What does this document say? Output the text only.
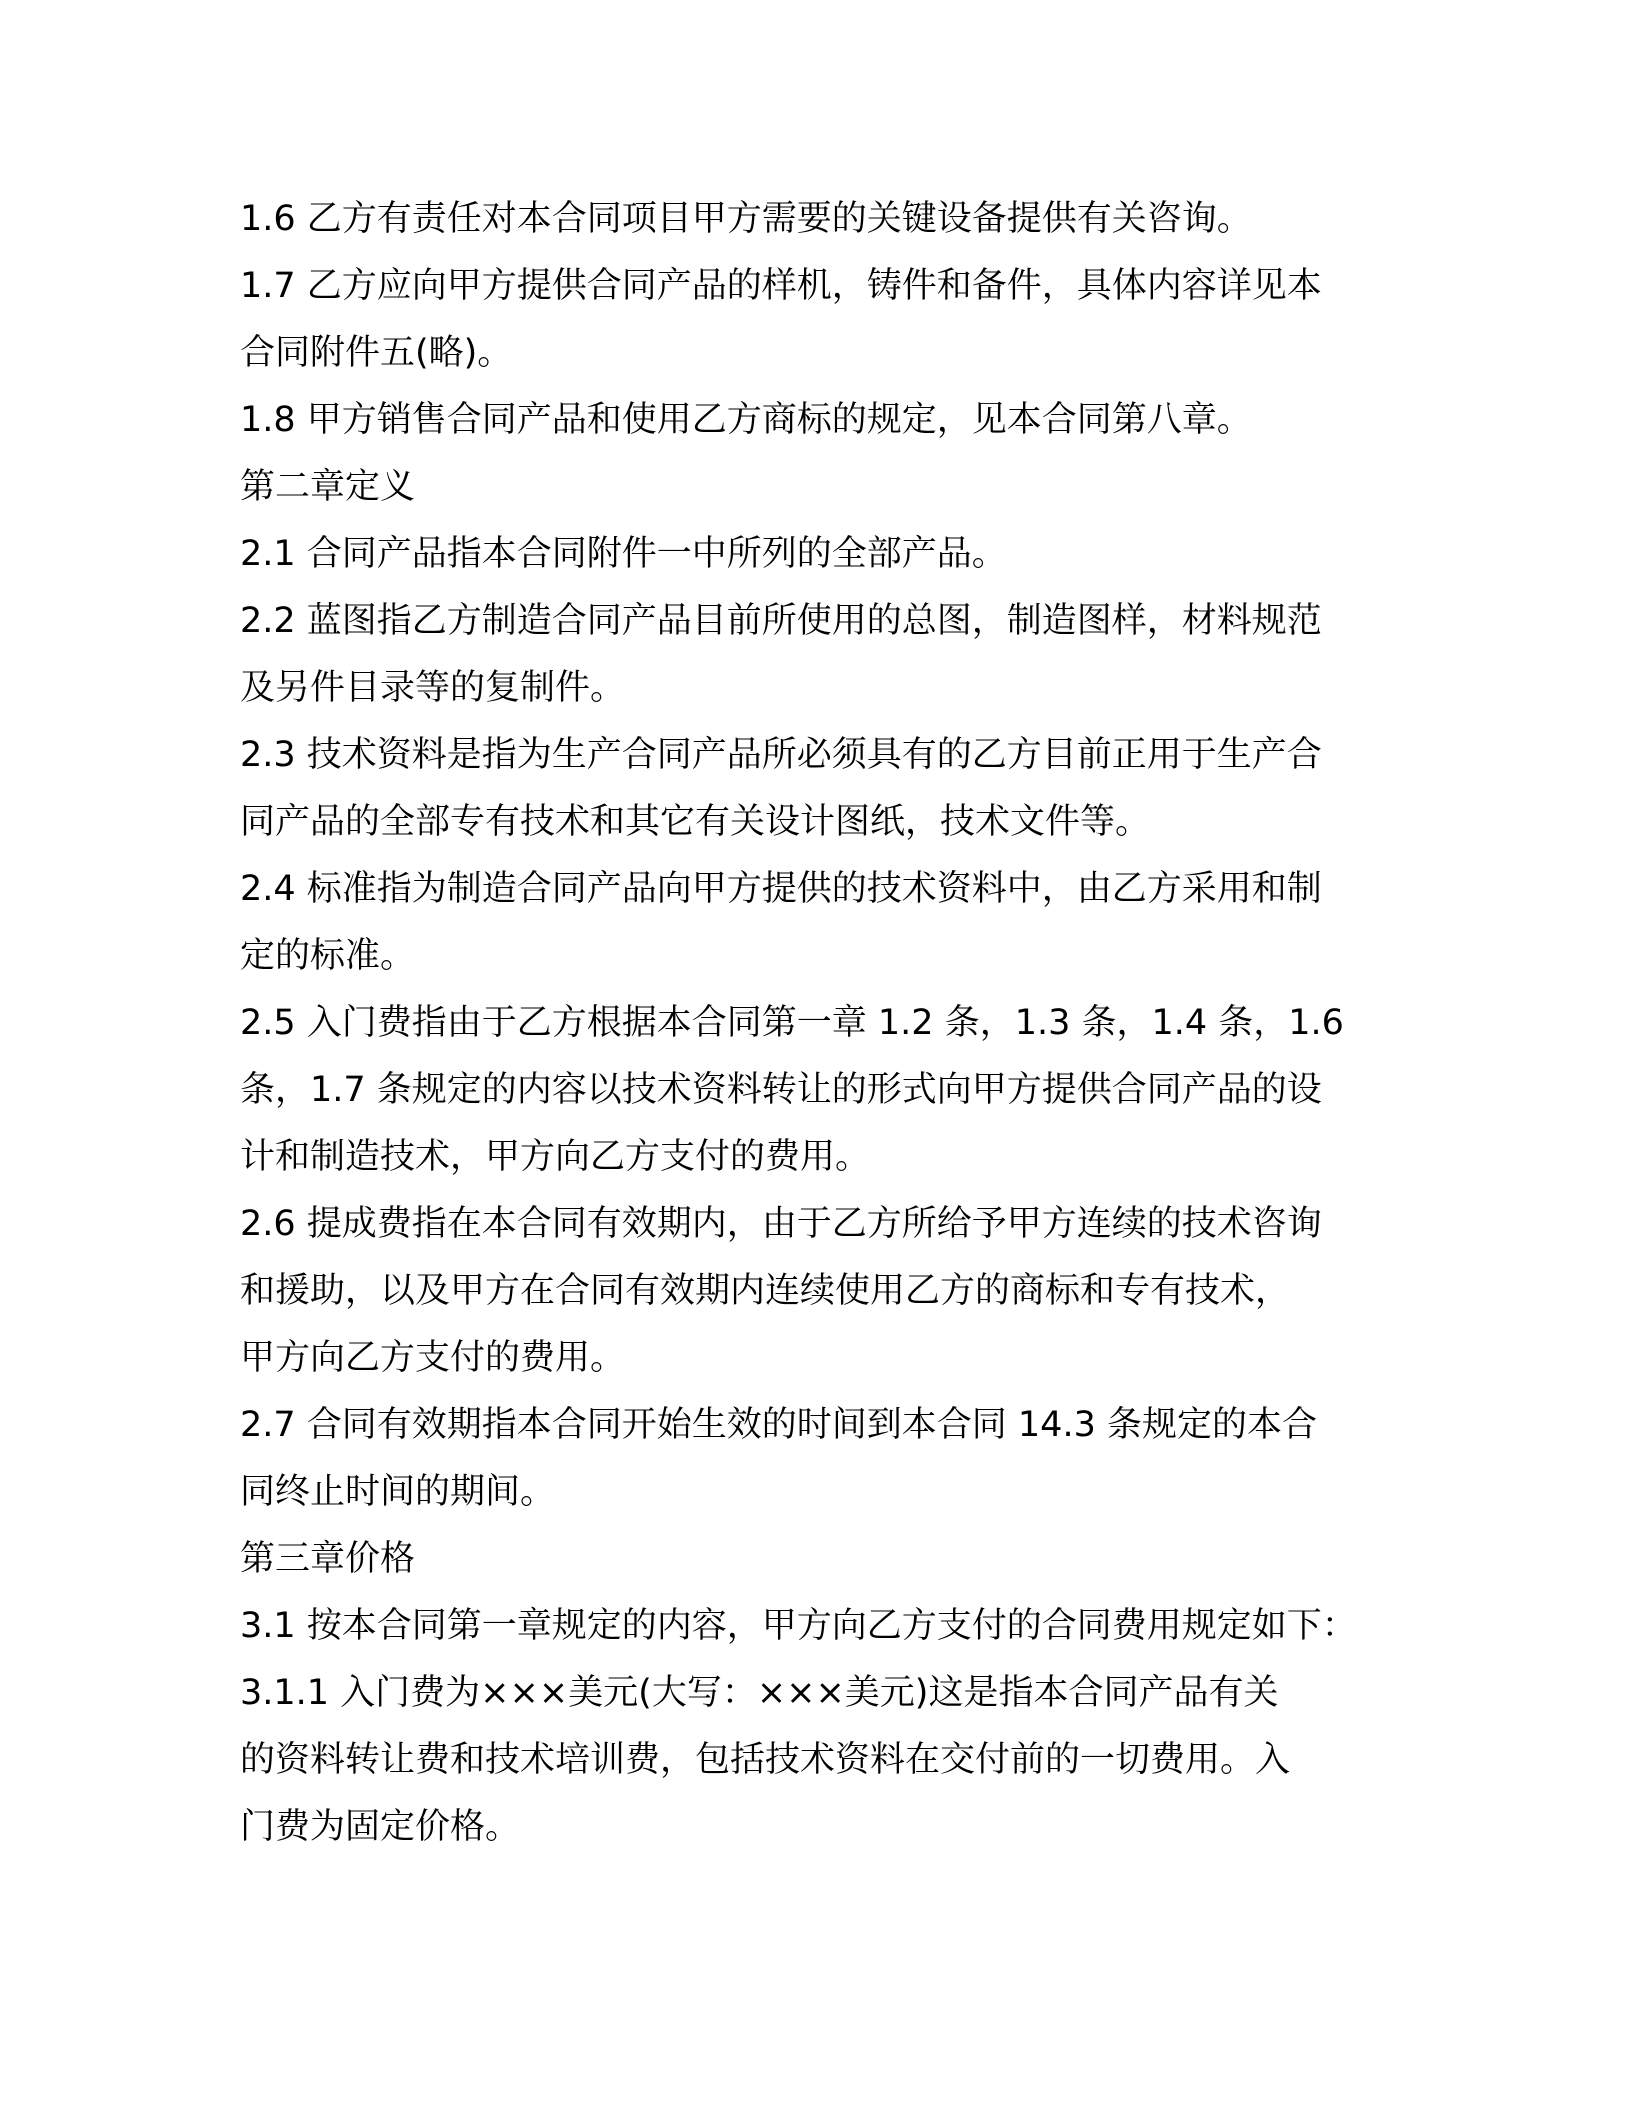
1.6 乙方有责任对本合同项目甲方需要的关键设备提供有关咨询。
1.7 乙方应向甲方提供合同产品的样机，铸件和备件，具体内容详见本
合同附件五(略)。
1.8 甲方销售合同产品和使用乙方商标的规定，见本合同第八章。
第二章定义
2.1 合同产品指本合同附件一中所列的全部产品。
2.2 蓝图指乙方制造合同产品目前所使用的总图，制造图样，材料规范
及另件目录等的复制件。
2.3 技术资料是指为生产合同产品所必须具有的乙方目前正用于生产合
同产品的全部专有技术和其它有关设计图纸，技术文件等。
2.4 标准指为制造合同产品向甲方提供的技术资料中，由乙方采用和制
定的标准。
2.5 入门费指由于乙方根据本合同第一章 1.2 条，1.3 条，1.4 条，1.6
条，1.7 条规定的内容以技术资料转让的形式向甲方提供合同产品的设
计和制造技术，甲方向乙方支付的费用。
2.6 提成费指在本合同有效期内，由于乙方所给予甲方连续的技术咨询
和援助，以及甲方在合同有效期内连续使用乙方的商标和专有技术，
甲方向乙方支付的费用。
2.7 合同有效期指本合同开始生效的时间到本合同 14.3 条规定的本合
同终止时间的期间。
第三章价格
3.1 按本合同第一章规定的内容，甲方向乙方支付的合同费用规定如下：
3.1.1 入门费为×××美元(大写：×××美元)这是指本合同产品有关
的资料转让费和技术培训费，包括技术资料在交付前的一切费用。入
门费为固定价格。
